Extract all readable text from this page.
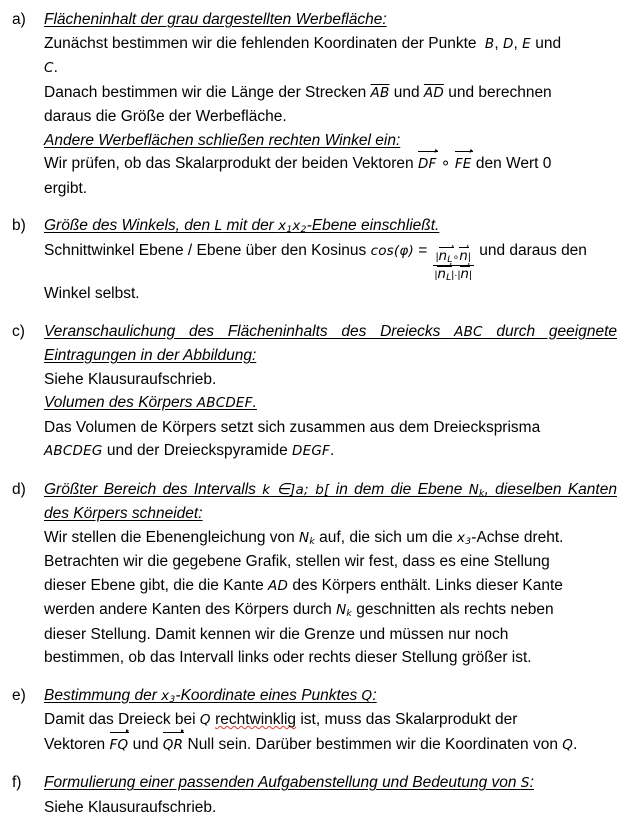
a)	Flächeninhalt der grau dargestellten Werbefläche:

Zunächst bestimmen wir die fehlenden Koordinaten der Punkte B, D, E und

C.

Danach bestimmen wir die Länge der Strecken $\overline{AB}$ und $\overline{AD}$ und berechnen

daraus die Größe der Werbefläche.

Andere Werbeflächen schließen rechten Winkel ein:

Wir prüfen, ob das Skalarprodukt der beiden Vektoren DF ∘ FE den Wert 0

ergibt.

b)	Größe des Winkels, den L mit der $x_1x_2$-Ebene einschließt.

Schnittwinkel Ebene / Ebene über den Kosinus $\cos(\varphi) = \frac{|n_L\circ n|}{|n_L|\cdot|n|}$ und daraus den

Winkel selbst.

c)	Veranschaulichung des Flächeninhalts des Dreiecks ABC durch geeignete

Eintragungen in der Abbildung:

Siehe Klausuraufschrieb.

Volumen des Körpers ABCDEF.

Das Volumen de Körpers setzt sich zusammen aus dem Dreiecksprisma

ABCDEG und der Dreieckspyramide DEGF.

d)	Größter Bereich des Intervalls k ∈]a; b[ in dem die Ebene $N_k$, dieselben Kanten

des Körpers schneidet:

Wir stellen die Ebenengleichung von $N_k$ auf, die sich um die $x_3$-Achse dreht.

Betrachten wir die gegebene Grafik, stellen wir fest, dass es eine Stellung

dieser Ebene gibt, die die Kante AD des Körpers enthält. Links dieser Kante

werden andere Kanten des Körpers durch $N_k$ geschnitten als rechts neben

dieser Stellung. Damit kennen wir die Grenze und müssen nur noch

bestimmen, ob das Intervall links oder rechts dieser Stellung größer ist.

e)	Bestimmung der $x_3$-Koordinate eines Punktes Q:

Damit das Dreieck bei Q rechtwinklig ist, muss das Skalarprodukt der

Vektoren FQ und QR Null sein. Darüber bestimmen wir die Koordinaten von Q.

f)	Formulierung einer passenden Aufgabenstellung und Bedeutung von S:

Siehe Klausuraufschrieb.
